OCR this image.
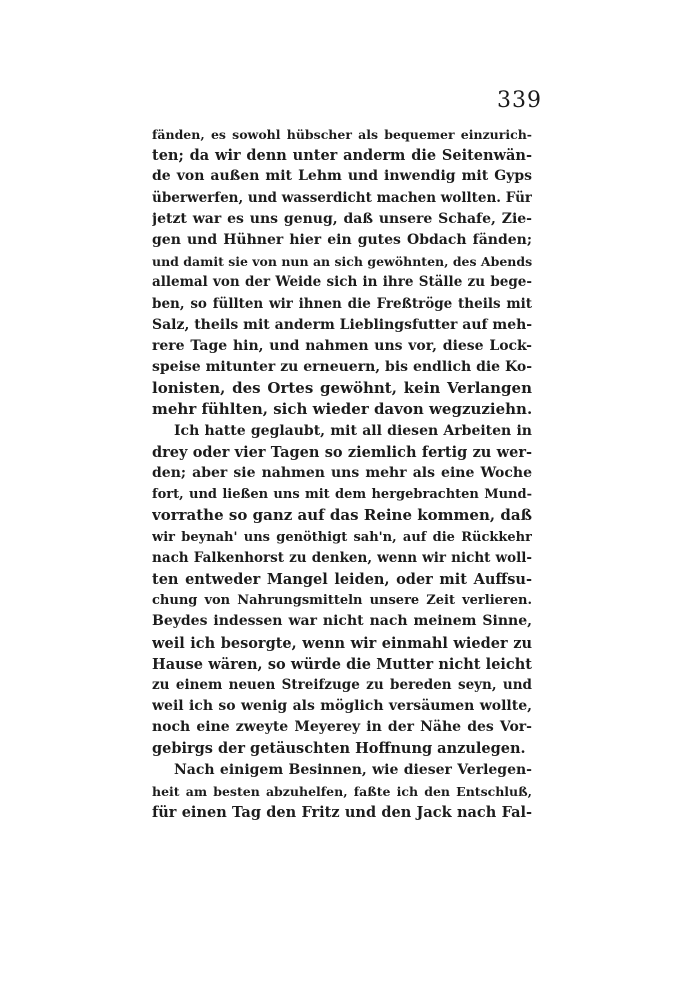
339
fänden, es sowohl hübscher als bequemer einzurich-
ten; da wir denn unter anderm die Seitenwän-
de von außen mit Lehm und inwendig mit Gyps
überwerfen, und wasserdicht machen wollten. Für
jetzt war es uns genug, daß unsere Schafe, Zie-
gen und Hühner hier ein gutes Obdach fänden;
und damit sie von nun an sich gewöhnten, des Abends
allemal von der Weide sich in ihre Ställe zu bege-
ben, so füllten wir ihnen die Freßtröge theils mit
Salz, theils mit anderm Lieblingsfutter auf meh-
rere Tage hin, und nahmen uns vor, diese Lock-
speise mitunter zu erneuern, bis endlich die Ko-
lonisten, des Ortes gewöhnt, kein Verlangen
mehr fühlten, sich wieder davon wegzuziehn.
Ich hatte geglaubt, mit all diesen Arbeiten in
drey oder vier Tagen so ziemlich fertig zu wer-
den; aber sie nahmen uns mehr als eine Woche
fort, und ließen uns mit dem hergebrachten Mund-
vorrathe so ganz auf das Reine kommen, daß
wir beynah' uns genöthigt sah'n, auf die Rückkehr
nach Falkenhorst zu denken, wenn wir nicht woll-
ten entweder Mangel leiden, oder mit Auffsu-
chung von Nahrungsmitteln unsere Zeit verlieren.
Beydes indessen war nicht nach meinem Sinne,
weil ich besorgte, wenn wir einmahl wieder zu
Hause wären, so würde die Mutter nicht leicht
zu einem neuen Streifzuge zu bereden seyn, und
weil ich so wenig als möglich versäumen wollte,
noch eine zweyte Meyerey in der Nähe des Vor-
gebirgs der getäuschten Hoffnung anzulegen.
Nach einigem Besinnen, wie dieser Verlegen-
heit am besten abzuhelfen, faßte ich den Entschluß,
für einen Tag den Fritz und den Jack nach Fal-
